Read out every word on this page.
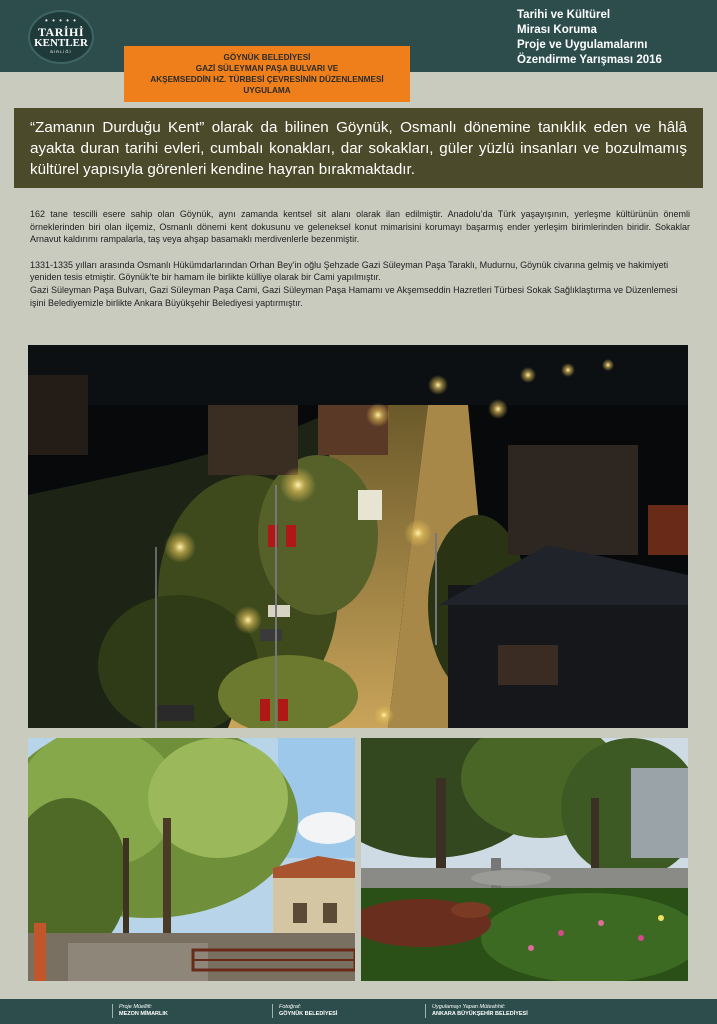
• • • • •
TARİHİ
KENTLER
BİRLİĞİ
Tarihi ve Kültürel
Mirası Koruma
Proje ve Uygulamalarını
Özendirme Yarışması 2016
GÖYNÜK BELEDİYESİ
GAZİ SÜLEYMAN PAŞA BULVARI VE
AKŞEMSEDDİN HZ. TÜRBESİ ÇEVRESİNİN DÜZENLENMESİ
UYGULAMA
“Zamanın Durduğu Kent” olarak da bilinen Göynük, Osmanlı dönemine tanıklık eden ve hâlâ ayakta duran tarihi evleri, cumbalı konakları, dar sokakları, güler yüzlü insanları ve bozulmamış kültürel yapısıyla görenleri kendine hayran bırakmaktadır.

162 tane tescilli esere sahip olan Göynük, aynı zamanda kentsel sit alanı olarak ilan edilmiştir. Anadolu’da Türk yaşayışının, yerleşme kültürünün önemli örneklerinden biri olan ilçemiz, Osmanlı dönemi kent dokusunu ve geleneksel konut mimarisini korumayı başarmış ender yerleşim birimlerinden biridir. Sokaklar Arnavut kaldırımı rampalarla, taş veya ahşap basamaklı merdivenlerle bezenmiştir.

1331-1335 yılları arasında Osmanlı Hükümdarlarından Orhan Bey’in oğlu Şehzade Gazi Süleyman Paşa Taraklı, Mudurnu, Göynük civarına gelmiş ve hakimiyeti yeniden tesis etmiştir. Göynük’te bir hamam ile birlikte külliye olarak bir Cami yapılmıştır.

Gazi Süleyman Paşa Bulvarı, Gazi Süleyman Paşa Cami, Gazi Süleyman Paşa Hamamı ve Akşemseddin Hazretleri Türbesi Sokak Sağlıklaştırma ve Düzenlemesi işini Belediyemizle birlikte Ankara Büyükşehir Belediyesi yaptırmıştır.

Proje Müellifi:
MEZON MİMARLIK
Fotoğraf:
GÖYNÜK BELEDİYESİ
Uygulamayı Yapan Müteahhit:
ANKARA BÜYÜKŞEHİR BELEDİYESİ
